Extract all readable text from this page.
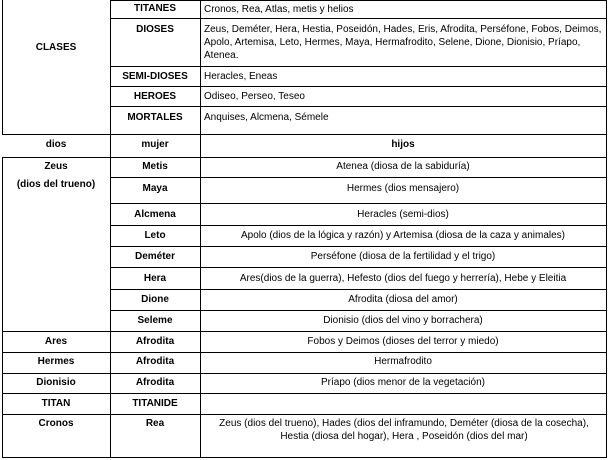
CLASES
TITANES	Cronos, Rea, Atlas, metis y helios
DIOSES	Zeus, Deméter, Hera, Hestia, Poseidón, Hades, Eris, Afrodita, Perséfone, Fobos, Deimos, Apolo, Artemisa, Leto, Hermes, Maya, Hermafrodito, Selene, Dione, Dionisio, Príapo, Atenea.
SEMI-DIOSES	Heracles, Eneas
HEROES	Odiseo, Perseo, Teseo
MORTALES	Anquises, Alcmena, Sémele
dios	mujer	hijos
Zeus
(dios del trueno)
Metis	Atenea (diosa de la sabiduría)
Maya	Hermes (dios mensajero)
Alcmena	Heracles (semi-dios)
Leto	Apolo (dios de la lógica y razón) y Artemisa (diosa de la caza y animales)
Deméter	Perséfone (diosa de la fertilidad y el trigo)
Hera	Ares(dios de la guerra), Hefesto (dios del fuego y herrería), Hebe y Eleitia
Dione	Afrodita (diosa del amor)
Seleme	Dionisio (dios del vino y borrachera)
Ares	Afrodita	Fobos y Deimos (dioses del terror y miedo)
Hermes	Afrodita	Hermafrodito
Dionisio	Afrodita	Príapo (dios menor de la vegetación)
TITAN	TITANIDE
Cronos	Rea	Zeus (dios del trueno), Hades (dios del inframundo, Deméter (diosa de la cosecha), Hestia (diosa del hogar), Hera , Poseidón (dios del mar)
